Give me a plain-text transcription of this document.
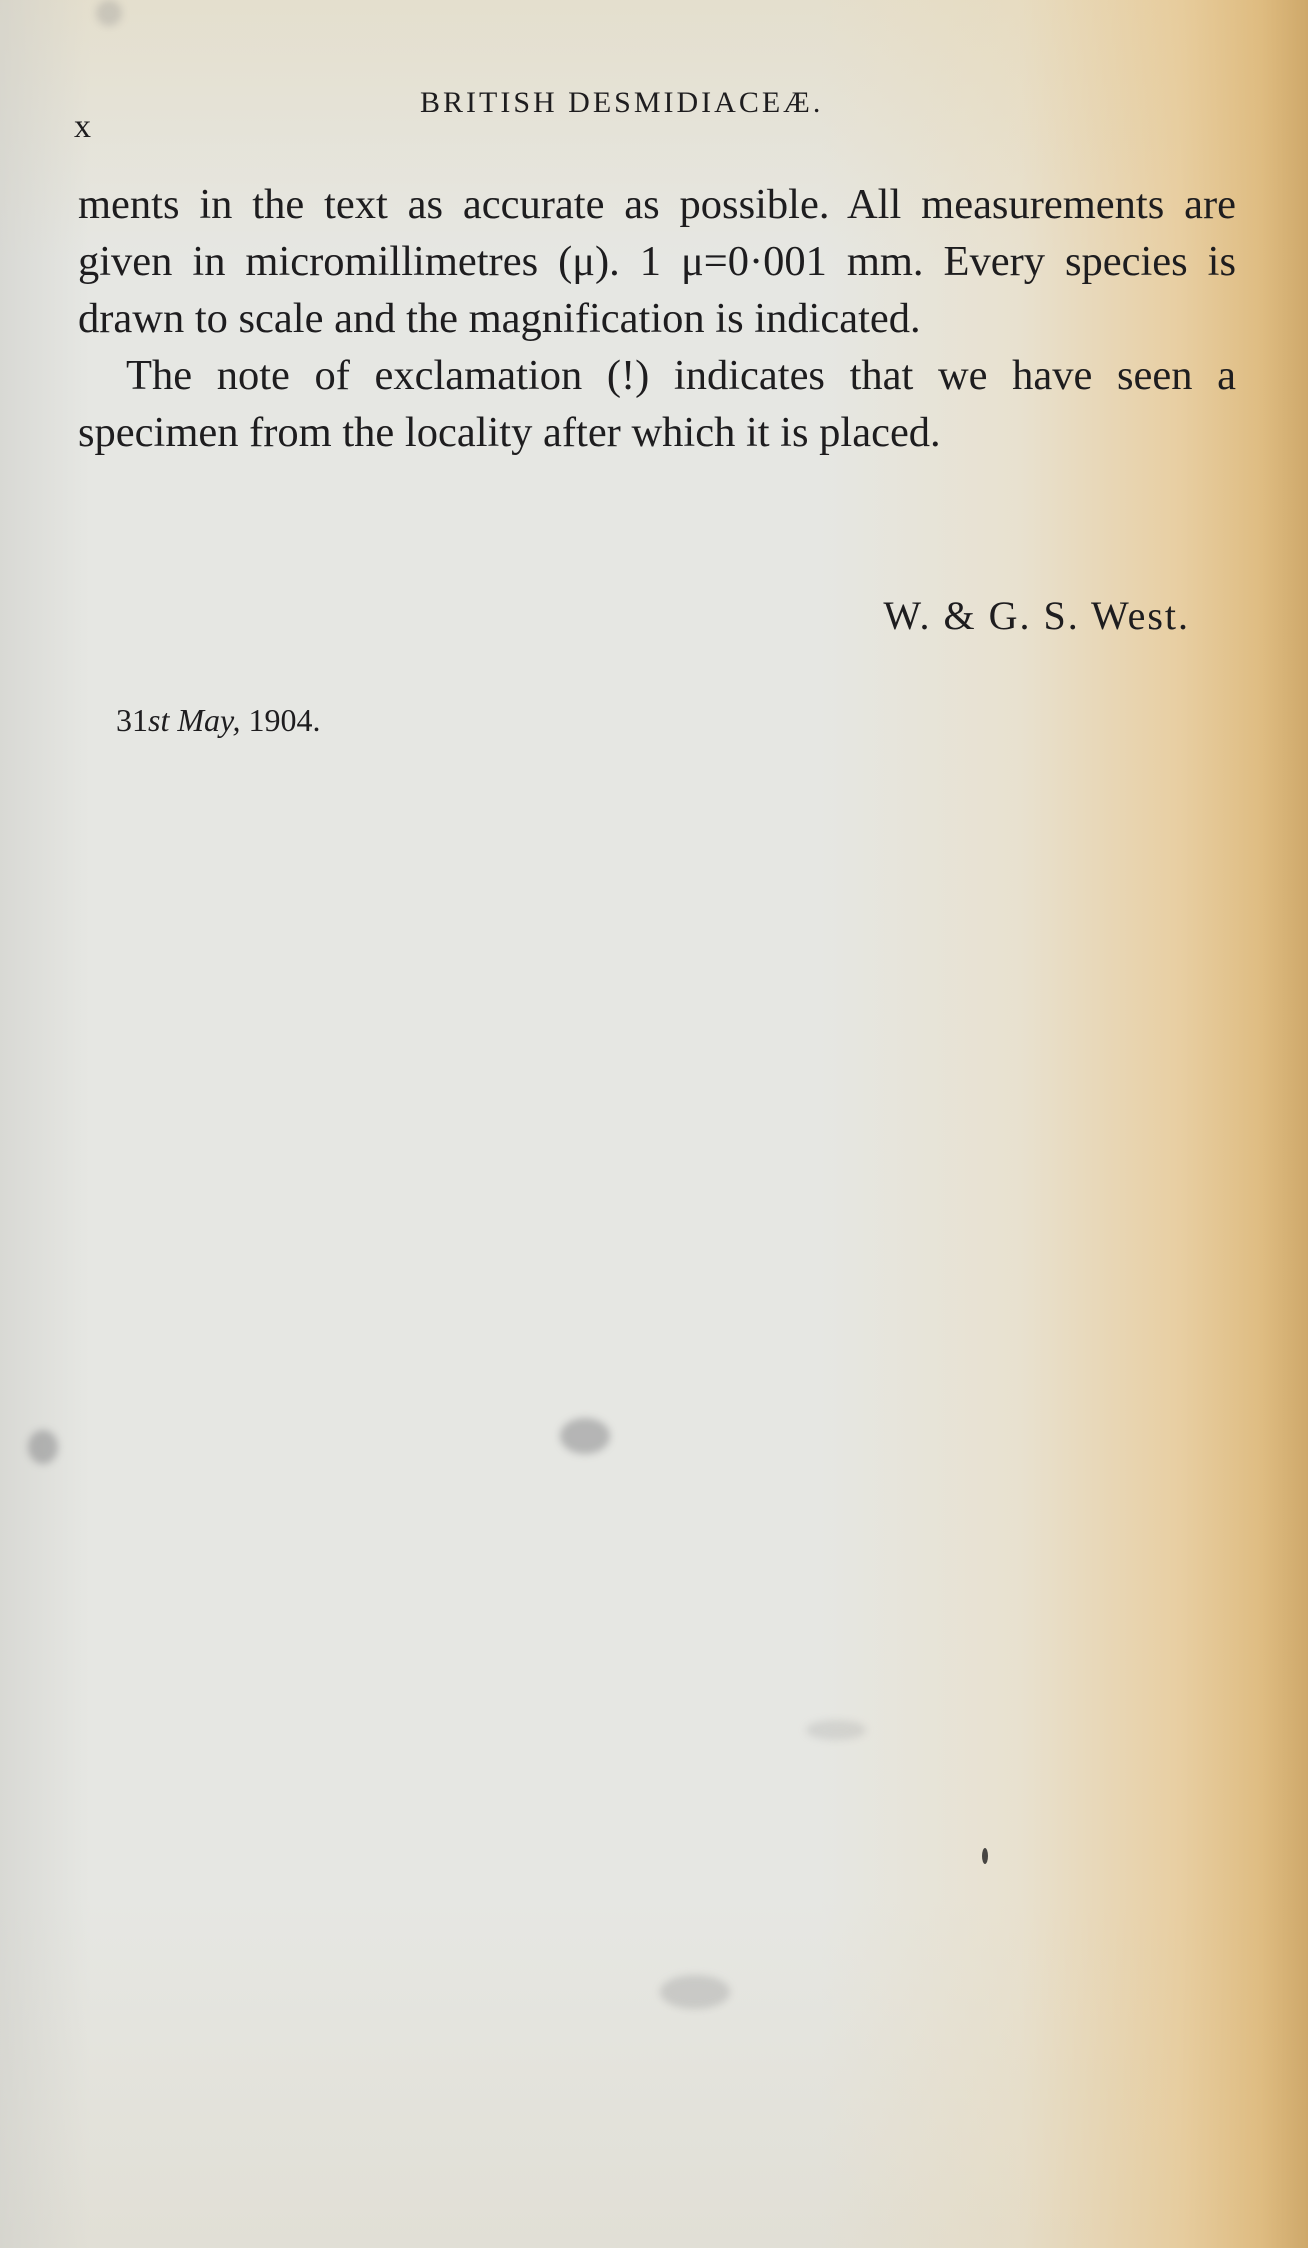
x
BRITISH DESMIDIACEÆ.

ments in the text as accurate as possible. All measurements are given in micromillimetres (μ). 1 μ=0·001 mm. Every species is drawn to scale and the magnification is indicated.

The note of exclamation (!) indicates that we have seen a specimen from the locality after which it is placed.

W. & G. S. West.
31st May, 1904.
